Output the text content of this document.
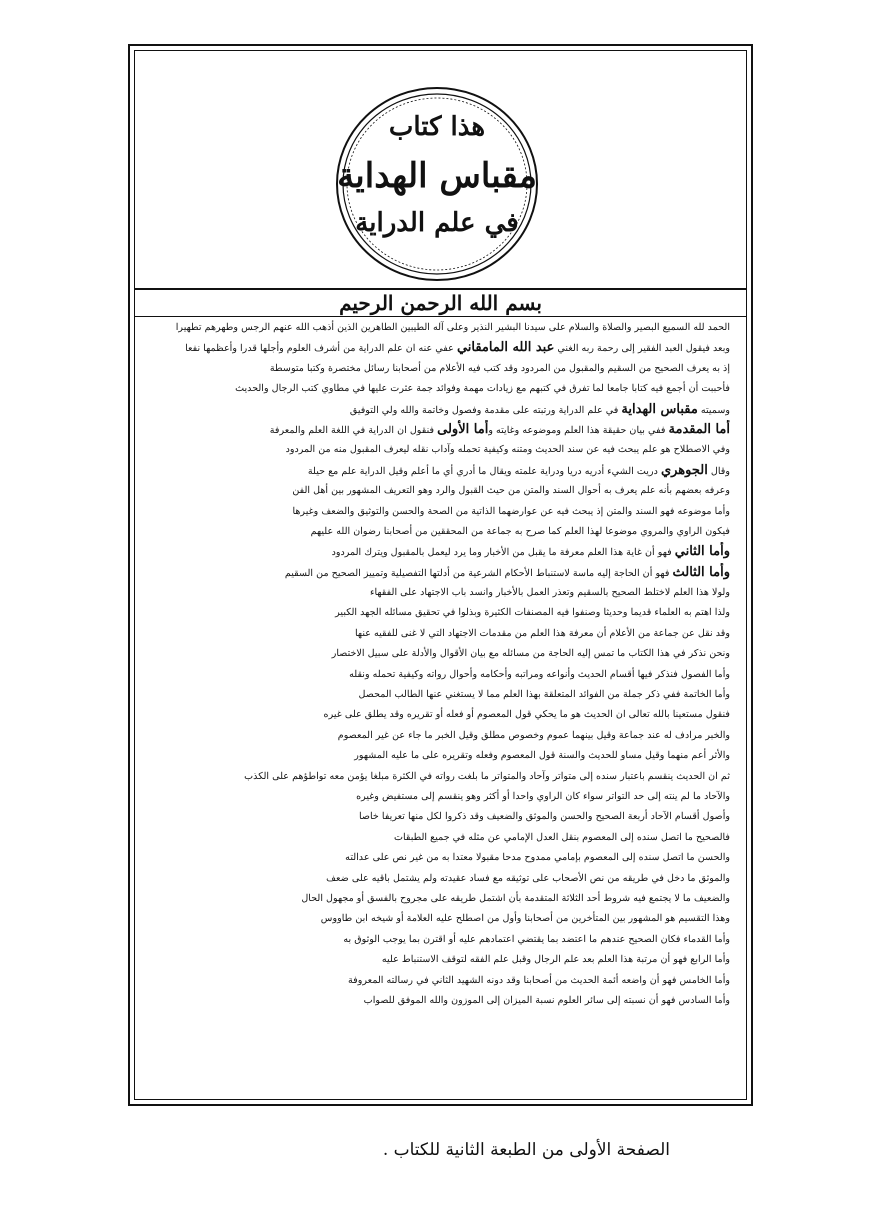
هذا كتاب
مقباس الهداية
في علم الدراية
بسم الله الرحمن الرحيم

الحمد لله السميع البصير والصلاة والسلام على سيدنا البشير النذير وعلى آله الطيبين الطاهرين الذين أذهب الله عنهم الرجس وطهرهم تطهيرا

وبعد فيقول العبد الفقير إلى رحمة ربه الغني عبد الله المامقاني عفي عنه ان علم الدراية من أشرف العلوم وأجلها قدرا وأعظمها نفعا

إذ به يعرف الصحيح من السقيم والمقبول من المردود وقد كتب فيه الأعلام من أصحابنا رسائل مختصرة وكتبا متوسطة

فأحببت أن أجمع فيه كتابا جامعا لما تفرق في كتبهم مع زيادات مهمة وفوائد جمة عثرت عليها في مطاوي كتب الرجال والحديث

وسميته مقباس الهداية في علم الدراية ورتبته على مقدمة وفصول وخاتمة والله ولي التوفيق

أما المقدمة ففي بيان حقيقة هذا العلم وموضوعه وغايته وأما الأولى فنقول ان الدراية في اللغة العلم والمعرفة

وفي الاصطلاح هو علم يبحث فيه عن سند الحديث ومتنه وكيفية تحمله وآداب نقله ليعرف المقبول منه من المردود

وقال الجوهري دريت الشيء أدريه دريا ودراية علمته ويقال ما أدري أي ما أعلم وقيل الدراية علم مع حيلة

وعرفه بعضهم بأنه علم يعرف به أحوال السند والمتن من حيث القبول والرد وهو التعريف المشهور بين أهل الفن

وأما موضوعه فهو السند والمتن إذ يبحث فيه عن عوارضهما الذاتية من الصحة والحسن والتوثيق والضعف وغيرها

فيكون الراوي والمروي موضوعا لهذا العلم كما صرح به جماعة من المحققين من أصحابنا رضوان الله عليهم

وأما الثاني فهو أن غاية هذا العلم معرفة ما يقبل من الأخبار وما يرد ليعمل بالمقبول ويترك المردود

وأما الثالث فهو أن الحاجة إليه ماسة لاستنباط الأحكام الشرعية من أدلتها التفصيلية وتمييز الصحيح من السقيم

ولولا هذا العلم لاختلط الصحيح بالسقيم وتعذر العمل بالأخبار وانسد باب الاجتهاد على الفقهاء

ولذا اهتم به العلماء قديما وحديثا وصنفوا فيه المصنفات الكثيرة وبذلوا في تحقيق مسائله الجهد الكبير

وقد نقل عن جماعة من الأعلام أن معرفة هذا العلم من مقدمات الاجتهاد التي لا غنى للفقيه عنها

ونحن نذكر في هذا الكتاب ما تمس إليه الحاجة من مسائله مع بيان الأقوال والأدلة على سبيل الاختصار

وأما الفصول فنذكر فيها أقسام الحديث وأنواعه ومراتبه وأحكامه وأحوال رواته وكيفية تحمله ونقله

وأما الخاتمة ففي ذكر جملة من الفوائد المتعلقة بهذا العلم مما لا يستغني عنها الطالب المحصل

فنقول مستعينا بالله تعالى ان الحديث هو ما يحكي قول المعصوم أو فعله أو تقريره وقد يطلق على غيره

والخبر مرادف له عند جماعة وقيل بينهما عموم وخصوص مطلق وقيل الخبر ما جاء عن غير المعصوم

والأثر أعم منهما وقيل مساو للحديث والسنة قول المعصوم وفعله وتقريره على ما عليه المشهور

ثم ان الحديث ينقسم باعتبار سنده إلى متواتر وآحاد والمتواتر ما بلغت رواته في الكثرة مبلغا يؤمن معه تواطؤهم على الكذب

والآحاد ما لم ينته إلى حد التواتر سواء كان الراوي واحدا أو أكثر وهو ينقسم إلى مستفيض وغيره

وأصول أقسام الآحاد أربعة الصحيح والحسن والموثق والضعيف وقد ذكروا لكل منها تعريفا خاصا

فالصحيح ما اتصل سنده إلى المعصوم بنقل العدل الإمامي عن مثله في جميع الطبقات

والحسن ما اتصل سنده إلى المعصوم بإمامي ممدوح مدحا مقبولا معتدا به من غير نص على عدالته

والموثق ما دخل في طريقه من نص الأصحاب على توثيقه مع فساد عقيدته ولم يشتمل باقيه على ضعف

والضعيف ما لا يجتمع فيه شروط أحد الثلاثة المتقدمة بأن اشتمل طريقه على مجروح بالفسق أو مجهول الحال

وهذا التقسيم هو المشهور بين المتأخرين من أصحابنا وأول من اصطلح عليه العلامة أو شيخه ابن طاووس

وأما القدماء فكان الصحيح عندهم ما اعتضد بما يقتضي اعتمادهم عليه أو اقترن بما يوجب الوثوق به

وأما الرابع فهو أن مرتبة هذا العلم بعد علم الرجال وقبل علم الفقه لتوقف الاستنباط عليه

وأما الخامس فهو أن واضعه أئمة الحديث من أصحابنا وقد دونه الشهيد الثاني في رسالته المعروفة

وأما السادس فهو أن نسبته إلى سائر العلوم نسبة الميزان إلى الموزون والله الموفق للصواب

الصفحة الأولى من الطبعة الثانية للكتاب .
